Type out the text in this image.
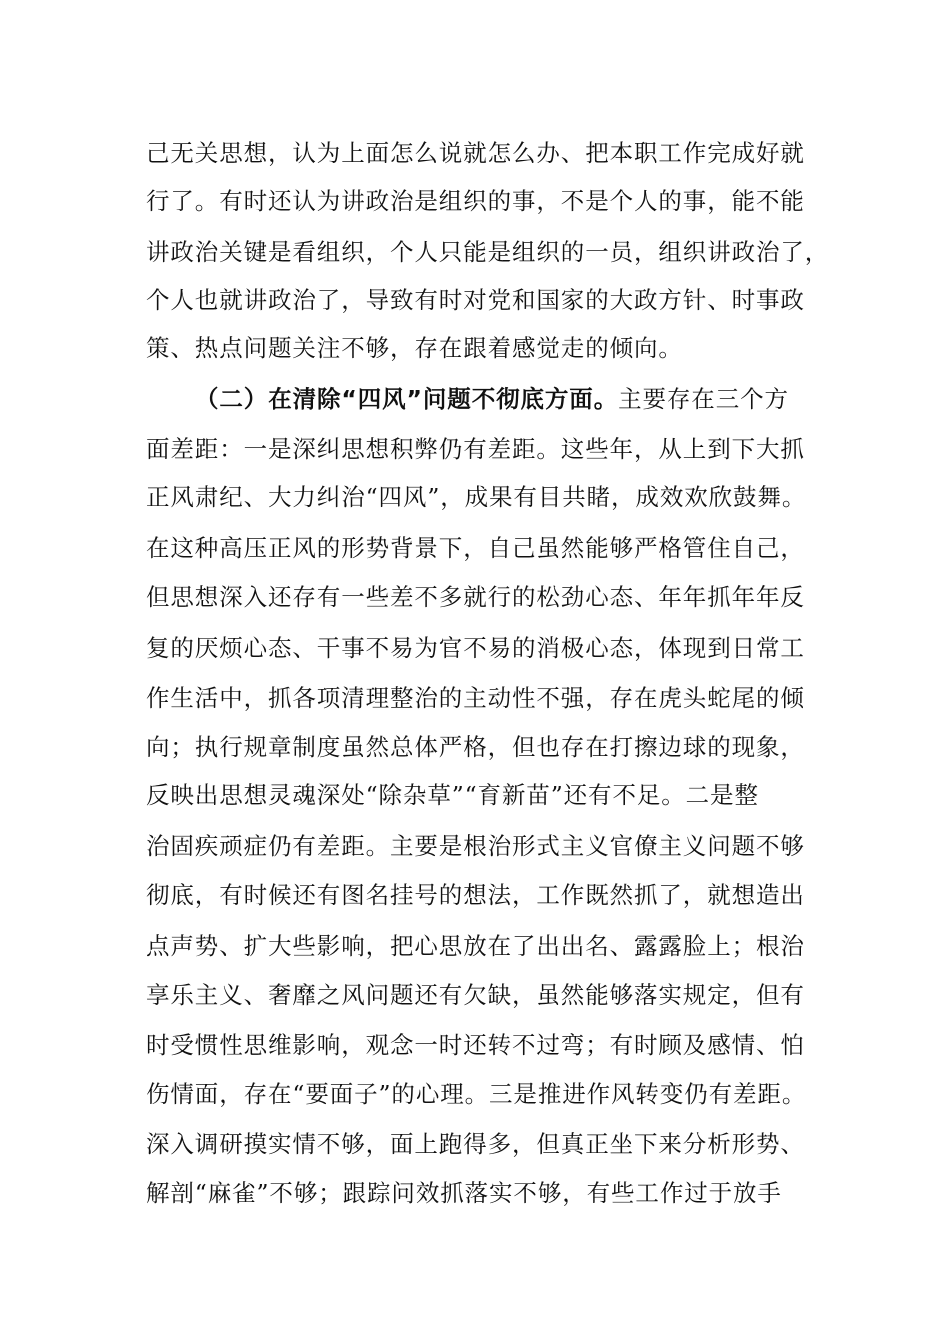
己无关思想，认为上面怎么说就怎么办、把本职工作完成好就
行了。有时还认为讲政治是组织的事，不是个人的事，能不能
讲政治关键是看组织，个人只能是组织的一员，组织讲政治了，
个人也就讲政治了，导致有时对党和国家的大政方针、时事政
策、热点问题关注不够，存在跟着感觉走的倾向。
（二）在清除“四风”问题不彻底方面。主要存在三个方
面差距：一是深纠思想积弊仍有差距。这些年，从上到下大抓
正风肃纪、大力纠治“四风”，成果有目共睹，成效欢欣鼓舞。
在这种高压正风的形势背景下，自己虽然能够严格管住自己，
但思想深入还存有一些差不多就行的松劲心态、年年抓年年反
复的厌烦心态、干事不易为官不易的消极心态，体现到日常工
作生活中，抓各项清理整治的主动性不强，存在虎头蛇尾的倾
向；执行规章制度虽然总体严格，但也存在打擦边球的现象，
反映出思想灵魂深处“除杂草”“育新苗”还有不足。二是整
治固疾顽症仍有差距。主要是根治形式主义官僚主义问题不够
彻底，有时候还有图名挂号的想法，工作既然抓了，就想造出
点声势、扩大些影响，把心思放在了出出名、露露脸上；根治
享乐主义、奢靡之风问题还有欠缺，虽然能够落实规定，但有
时受惯性思维影响，观念一时还转不过弯；有时顾及感情、怕
伤情面，存在“要面子”的心理。三是推进作风转变仍有差距。
深入调研摸实情不够，面上跑得多，但真正坐下来分析形势、
解剖“麻雀”不够；跟踪问效抓落实不够，有些工作过于放手
